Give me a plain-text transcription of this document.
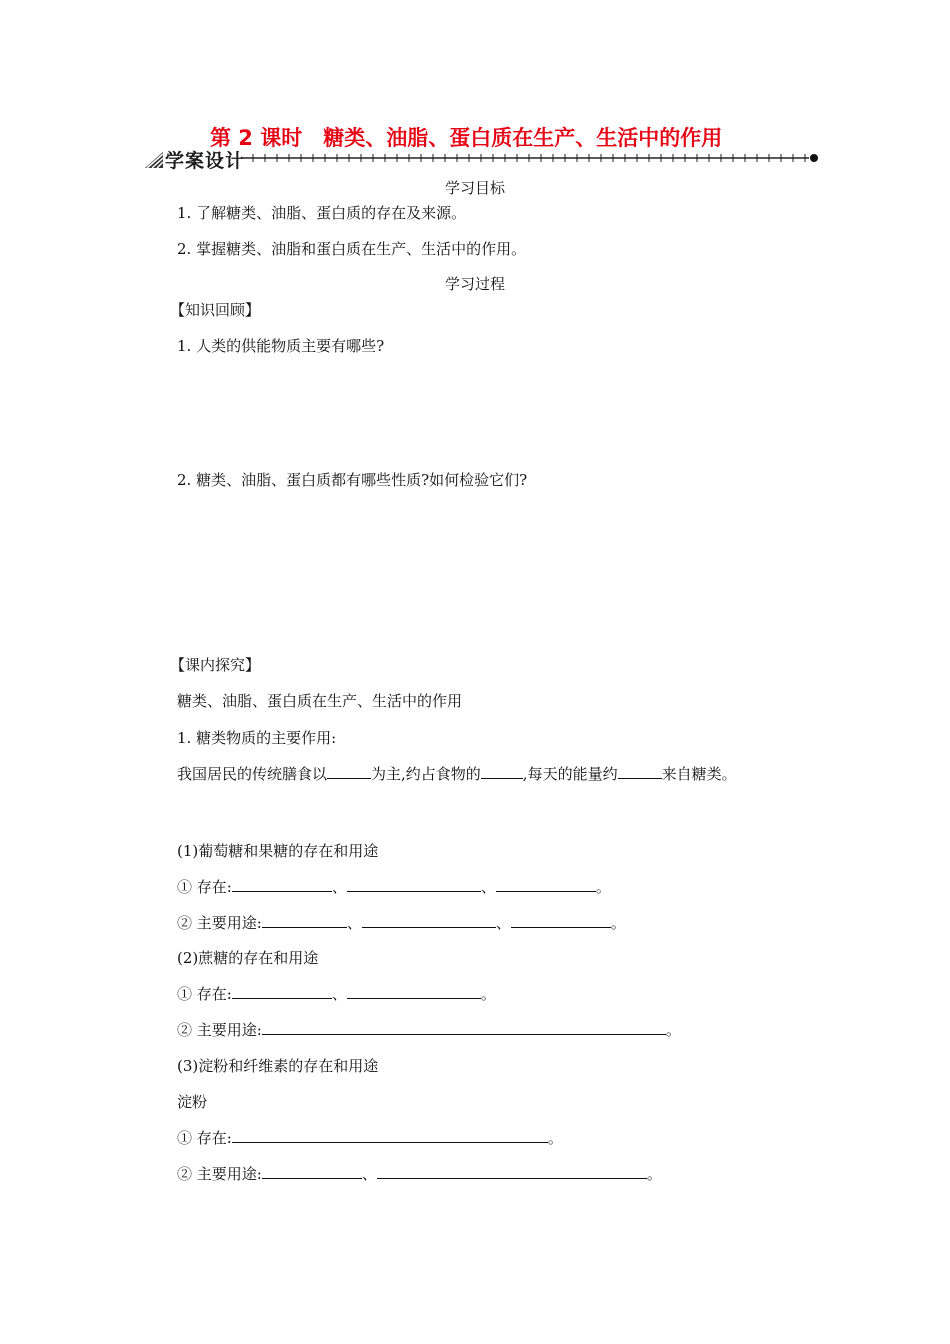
第 2 课时　糖类、油脂、蛋白质在生产、生活中的作用
学案设计
学习目标
1. 了解糖类、油脂、蛋白质的存在及来源。
2. 掌握糖类、油脂和蛋白质在生产、生活中的作用。
学习过程
【知识回顾】
1. 人类的供能物质主要有哪些?
2. 糖类、油脂、蛋白质都有哪些性质?如何检验它们?
【课内探究】
糖类、油脂、蛋白质在生产、生活中的作用
1. 糖类物质的主要作用:
我国居民的传统膳食以	为主,约占食物的	,每天的能量约	来自糖类。
(1)葡萄糖和果糖的存在和用途
① 存在:	、	、	。
② 主要用途:	、	、	。
(2)蔗糖的存在和用途
① 存在:	、	。
② 主要用途:	。
(3)淀粉和纤维素的存在和用途
淀粉
① 存在:	。
② 主要用途:	、	。
